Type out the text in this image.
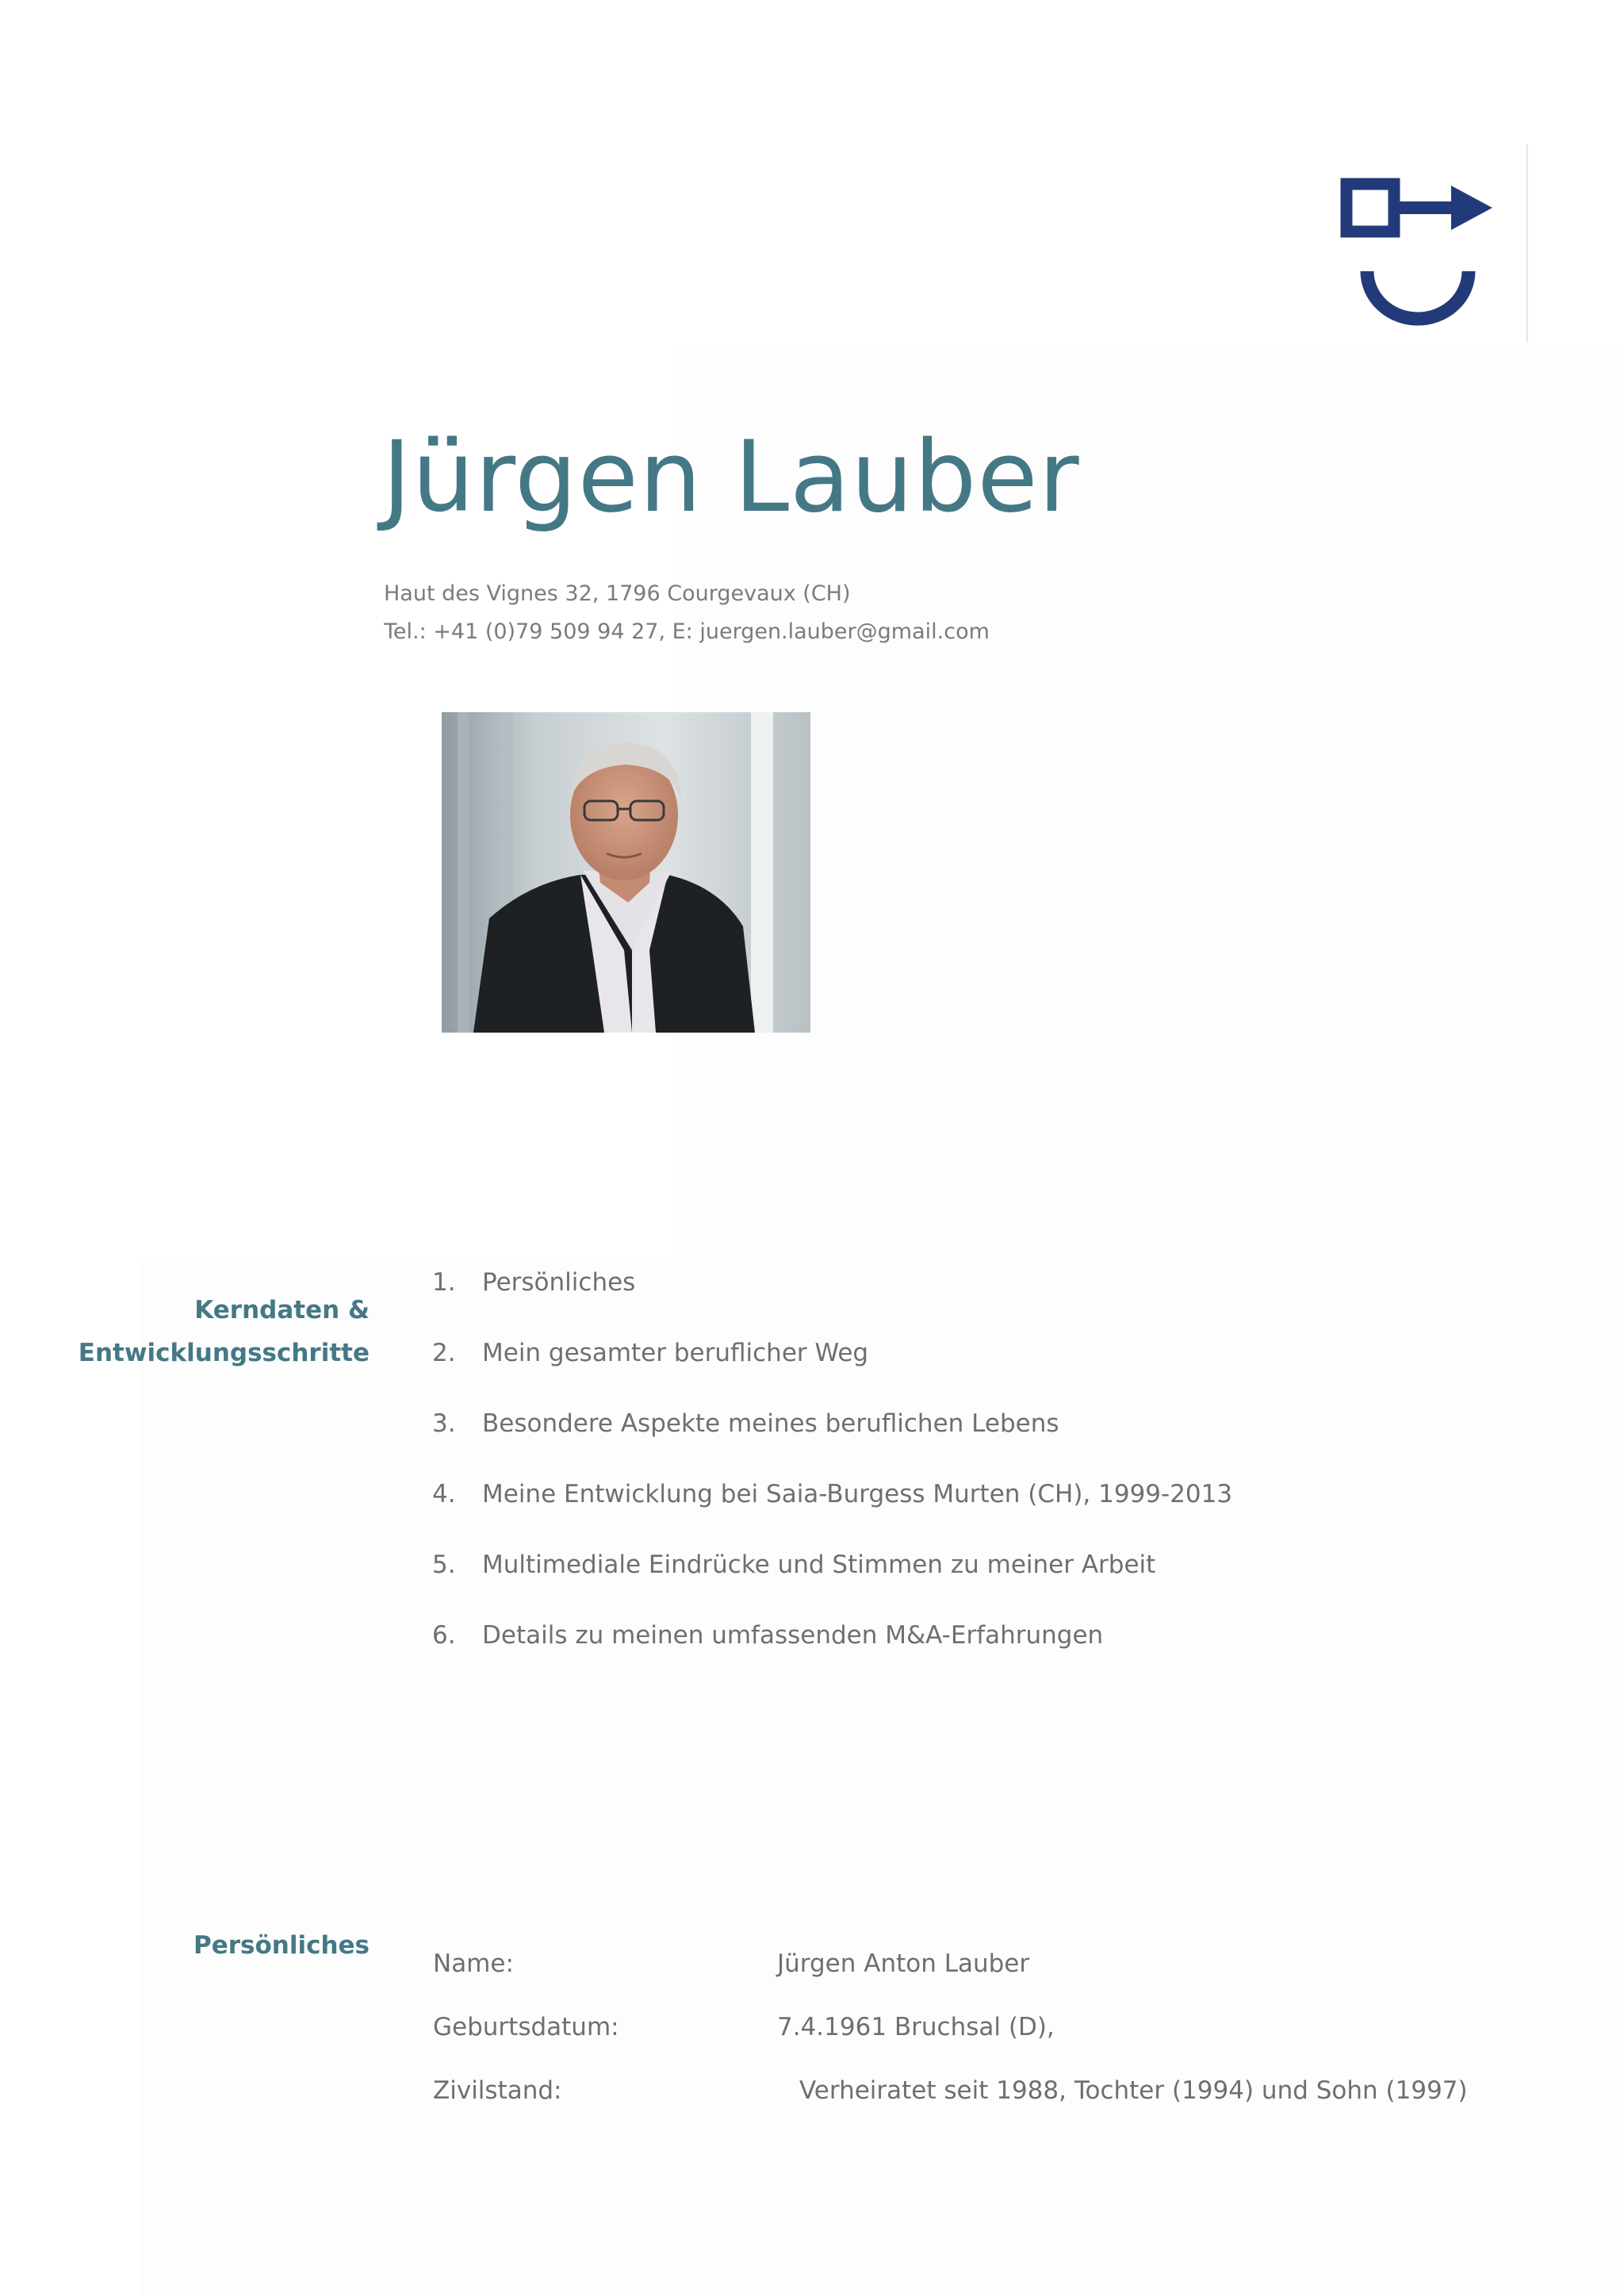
Jürgen Lauber
Haut des Vignes 32, 1796 Courgevaux (CH)
Tel.: +41 (0)79 509 94 27, E: juergen.lauber@gmail.com
Kerndaten &
Entwicklungsschritte
1.	Persönliches
2.	Mein gesamter beruflicher Weg
3.	Besondere Aspekte meines beruflichen Lebens
4.	Meine Entwicklung bei Saia-Burgess Murten (CH), 1999-2013
5.	Multimediale Eindrücke und Stimmen zu meiner Arbeit
6.	Details zu meinen umfassenden M&A-Erfahrungen
Persönliches
Name:	Jürgen Anton Lauber
Geburtsdatum:	7.4.1961 Bruchsal (D),
Zivilstand:	Verheiratet seit 1988, Tochter (1994) und Sohn (1997)
